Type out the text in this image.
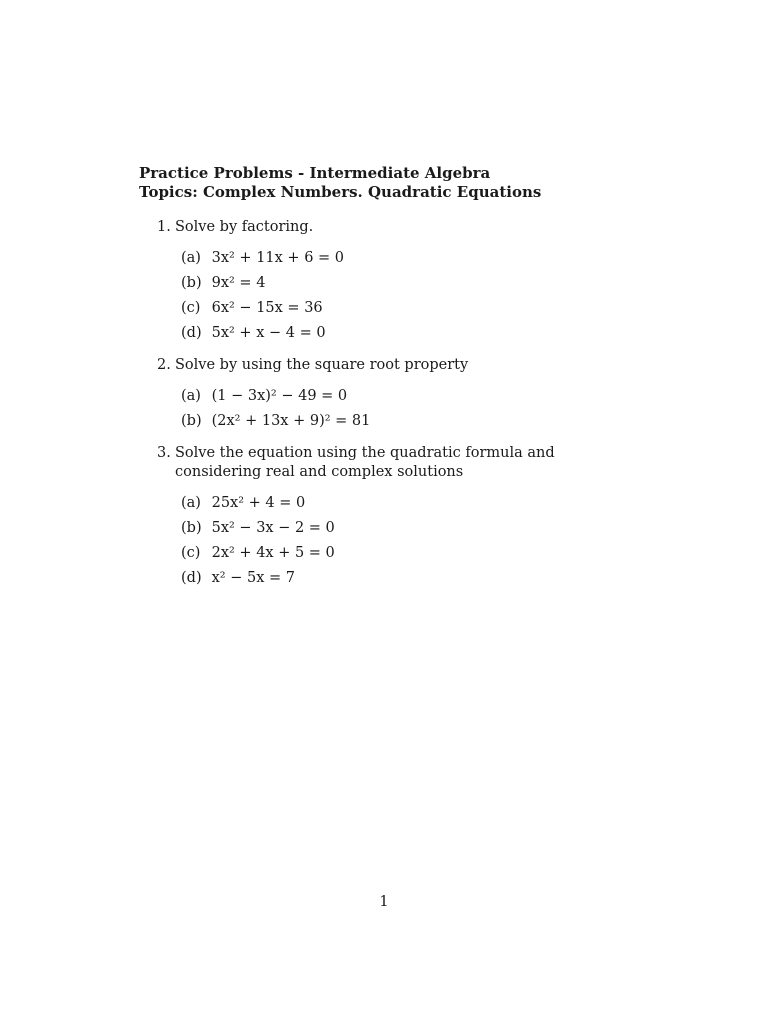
Practice Problems - Intermediate Algebra
Topics: Complex Numbers. Quadratic Equations
1. Solve by factoring.
(a) 3x² + 11x + 6 = 0
(b) 9x² = 4
(c) 6x² − 15x = 36
(d) 5x² + x − 4 = 0
2. Solve by using the square root property
(a) (1 − 3x)² − 49 = 0
(b) (2x² + 13x + 9)² = 81
3. Solve the equation using the quadratic formula and considering real and complex solutions
(a) 25x² + 4 = 0
(b) 5x² − 3x − 2 = 0
(c) 2x² + 4x + 5 = 0
(d) x² − 5x = 7
1
